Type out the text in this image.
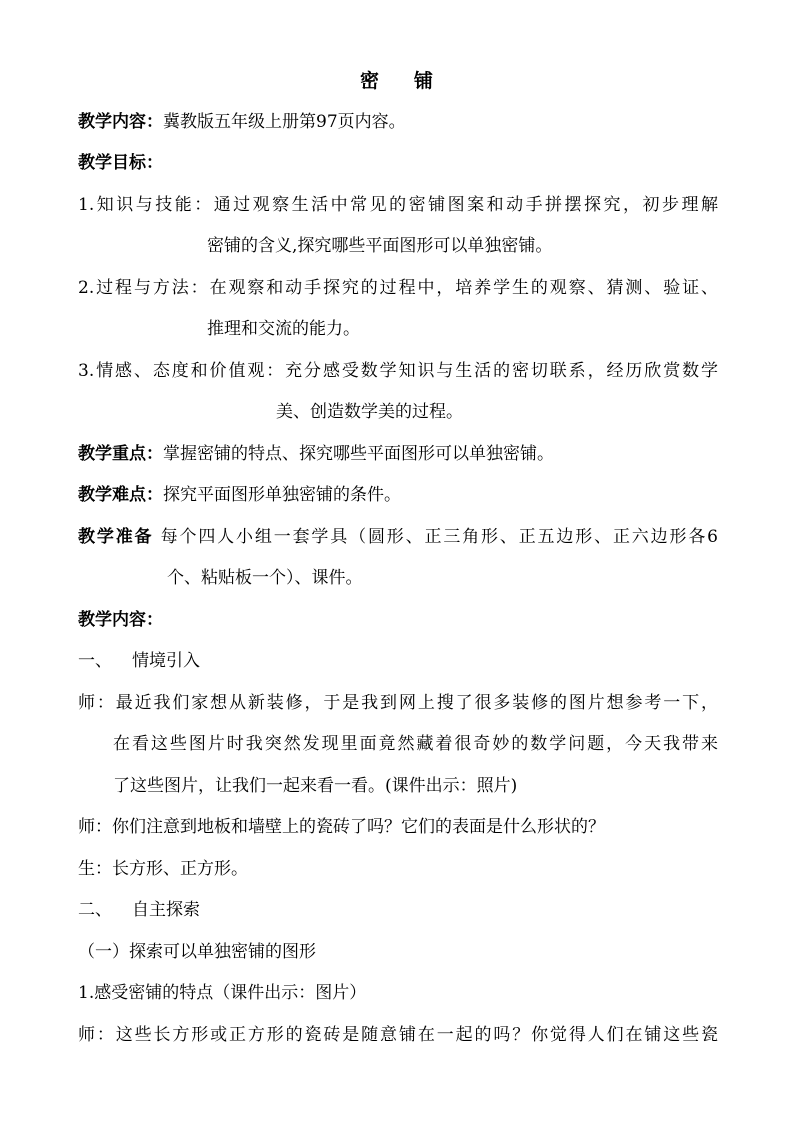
密 铺
教学内容：冀教版五年级上册第97页内容。
教学目标：
1.知识与技能：通过观察生活中常见的密铺图案和动手拼摆探究，初步理解
密铺的含义,探究哪些平面图形可以单独密铺。
2.过程与方法：在观察和动手探究的过程中，培养学生的观察、猜测、验证、
推理和交流的能力。
3.情感、态度和价值观：充分感受数学知识与生活的密切联系，经历欣赏数学
美、创造数学美的过程。
教学重点：掌握密铺的特点、探究哪些平面图形可以单独密铺。
教学难点：探究平面图形单独密铺的条件。
教学准备 每个四人小组一套学具（圆形、正三角形、正五边形、正六边形各6
个、粘贴板一个）、课件。
教学内容：
一、 情境引入
师：最近我们家想从新装修，于是我到网上搜了很多装修的图片想参考一下，
在看这些图片时我突然发现里面竟然藏着很奇妙的数学问题，今天我带来
了这些图片，让我们一起来看一看。(课件出示：照片)
师：你们注意到地板和墙壁上的瓷砖了吗？它们的表面是什么形状的？
生：长方形、正方形。
二、 自主探索
（一）探索可以单独密铺的图形
1.感受密铺的特点（课件出示：图片）
师：这些长方形或正方形的瓷砖是随意铺在一起的吗？你觉得人们在铺这些瓷
